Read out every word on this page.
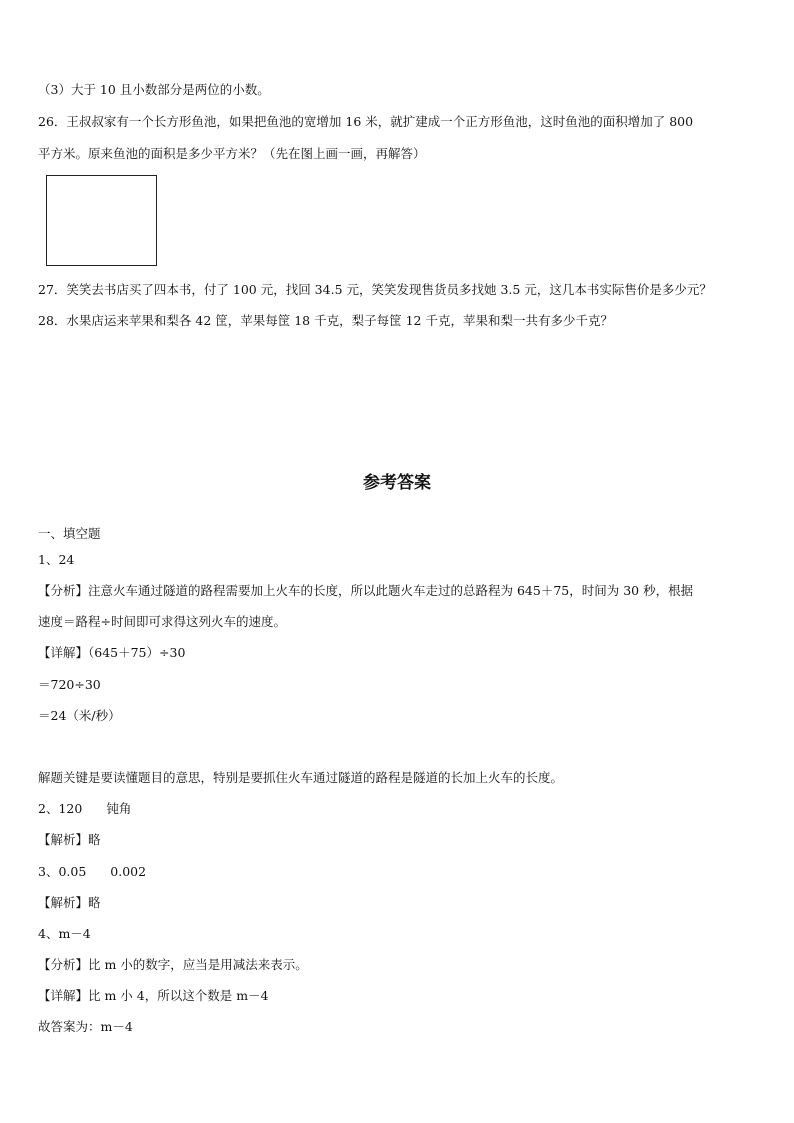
（3）大于 10 且小数部分是两位的小数。
26．王叔叔家有一个长方形鱼池，如果把鱼池的宽增加 16 米，就扩建成一个正方形鱼池，这时鱼池的面积增加了 800
平方米。原来鱼池的面积是多少平方米？（先在图上画一画，再解答）
27．笑笑去书店买了四本书，付了 100 元，找回 34.5 元，笑笑发现售货员多找她 3.5 元，这几本书实际售价是多少元？
28．水果店运来苹果和梨各 42 筐，苹果每筐 18 千克，梨子每筐 12 千克，苹果和梨一共有多少千克？
参考答案
一、填空题
1、24
【分析】注意火车通过隧道的路程需要加上火车的长度，所以此题火车走过的总路程为 645＋75，时间为 30 秒，根据
速度＝路程÷时间即可求得这列火车的速度。
【详解】（645＋75）÷30
＝720÷30
＝24（米/秒）
解题关键是要读懂题目的意思，特别是要抓住火车通过隧道的路程是隧道的长加上火车的长度。
2、120 钝角
【解析】略
3、0.05 0.002
【解析】略
4、m－4
【分析】比 m 小的数字，应当是用减法来表示。
【详解】比 m 小 4，所以这个数是 m－4
故答案为：m－4
